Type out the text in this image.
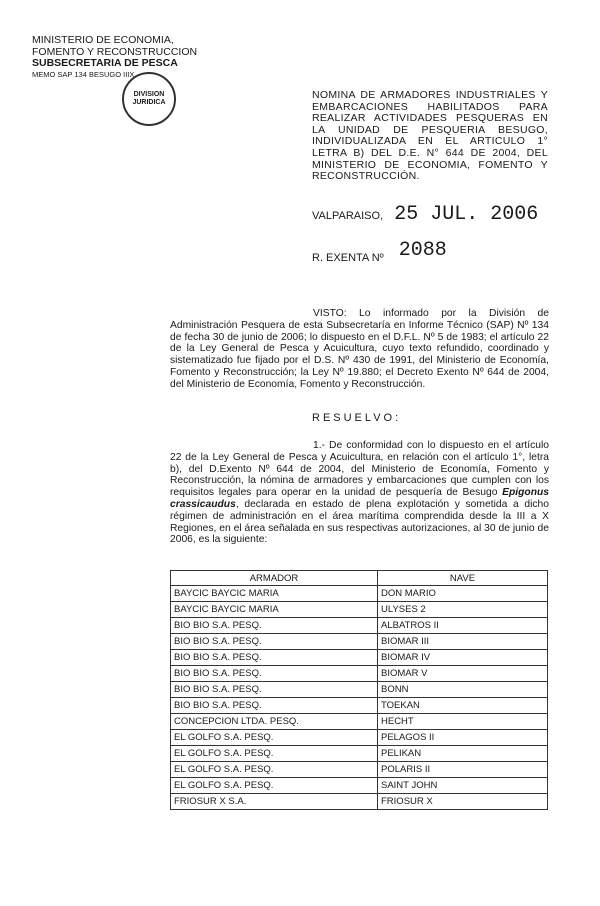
MINISTERIO DE ECONOMIA,
FOMENTO Y RECONSTRUCCION
SUBSECRETARIA DE PESCA
MEMO SAP 134 BESUGO IIIX
DIVISION JURIDICA
NOMINA DE ARMADORES INDUSTRIALES Y EMBARCACIONES HABILITADOS PARA REALIZAR ACTIVIDADES PESQUERAS EN LA UNIDAD DE PESQUERIA BESUGO, INDIVIDUALIZADA EN EL ARTICULO 1° LETRA B) DEL D.E. N° 644 DE 2004, DEL MINISTERIO DE ECONOMIA, FOMENTO Y RECONSTRUCCIÓN.
VALPARAISO, 25 JUL. 2006
R. EXENTA Nº 2088
VISTO: Lo informado por la División de Administración Pesquera de esta Subsecretaría en Informe Técnico (SAP) Nº 134 de fecha 30 de junio de 2006; lo dispuesto en el D.F.L. Nº 5 de 1983; el artículo 22 de la Ley General de Pesca y Acuicultura, cuyo texto refundido, coordinado y sistematizado fue fijado por el D.S. Nº 430 de 1991, del Ministerio de Economía, Fomento y Reconstrucción; la Ley Nº 19.880; el Decreto Exento Nº 644 de 2004, del Ministerio de Economía, Fomento y Reconstrucción.
RESUELVO:
1.- De conformidad con lo dispuesto en el artículo 22 de la Ley General de Pesca y Acuicultura, en relación con el artículo 1°, letra b), del D.Exento Nº 644 de 2004, del Ministerio de Economía, Fomento y Reconstrucción, la nómina de armadores y embarcaciones que cumplen con los requisitos legales para operar en la unidad de pesquería de Besugo Epigonus crassicaudus, declarada en estado de plena explotación y sometida a dicho régimen de administración en el área marítima comprendida desde la III a X Regiones, en el área señalada en sus respectivas autorizaciones, al 30 de junio de 2006, es la siguiente:
ARMADOR	NAVE
BAYCIC BAYCIC MARIA	DON MARIO
BAYCIC BAYCIC MARIA	ULYSES 2
BIO BIO S.A. PESQ.	ALBATROS II
BIO BIO S.A. PESQ.	BIOMAR III
BIO BIO S.A. PESQ.	BIOMAR IV
BIO BIO S.A. PESQ.	BIOMAR V
BIO BIO S.A. PESQ.	BONN
BIO BIO S.A. PESQ.	TOEKAN
CONCEPCION LTDA. PESQ.	HECHT
EL GOLFO S.A. PESQ.	PELAGOS II
EL GOLFO S.A. PESQ.	PELIKAN
EL GOLFO S.A. PESQ.	POLARIS II
EL GOLFO S.A. PESQ.	SAINT JOHN
FRIOSUR X S.A.	FRIOSUR X
